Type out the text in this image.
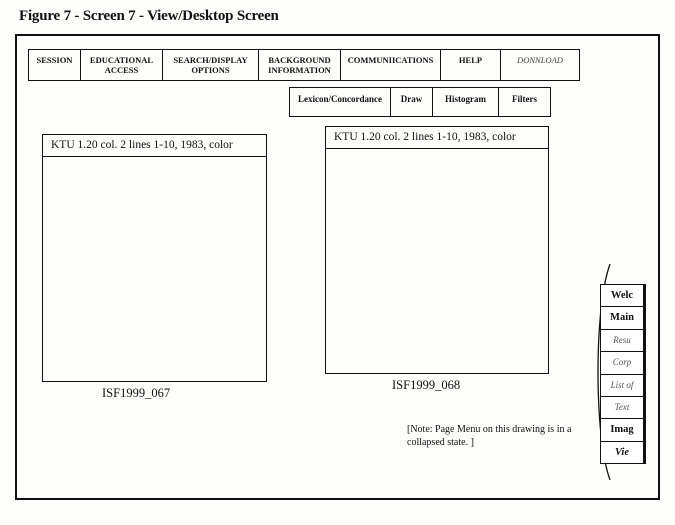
Figure 7 - Screen 7 - View/Desktop Screen
SESSION	EDUCATIONAL ACCESS
SEARCH/DISPLAY OPTIONS
BACKGROUND INFORMATION
COMMUNIICATIONS	HELP	DONNLOAD
Lexicon/Concordance	Draw	Histogram	Filters
KTU 1.20 col. 2 lines 1-10, 1983, color
ISF1999_067
KTU 1.20 col. 2 lines 1-10, 1983, color
ISF1999_068
[Note: Page Menu on this drawing is in a collapsed state. ]
Welc
Main
Resu
Corp
List of
Text
Imag
Vie
